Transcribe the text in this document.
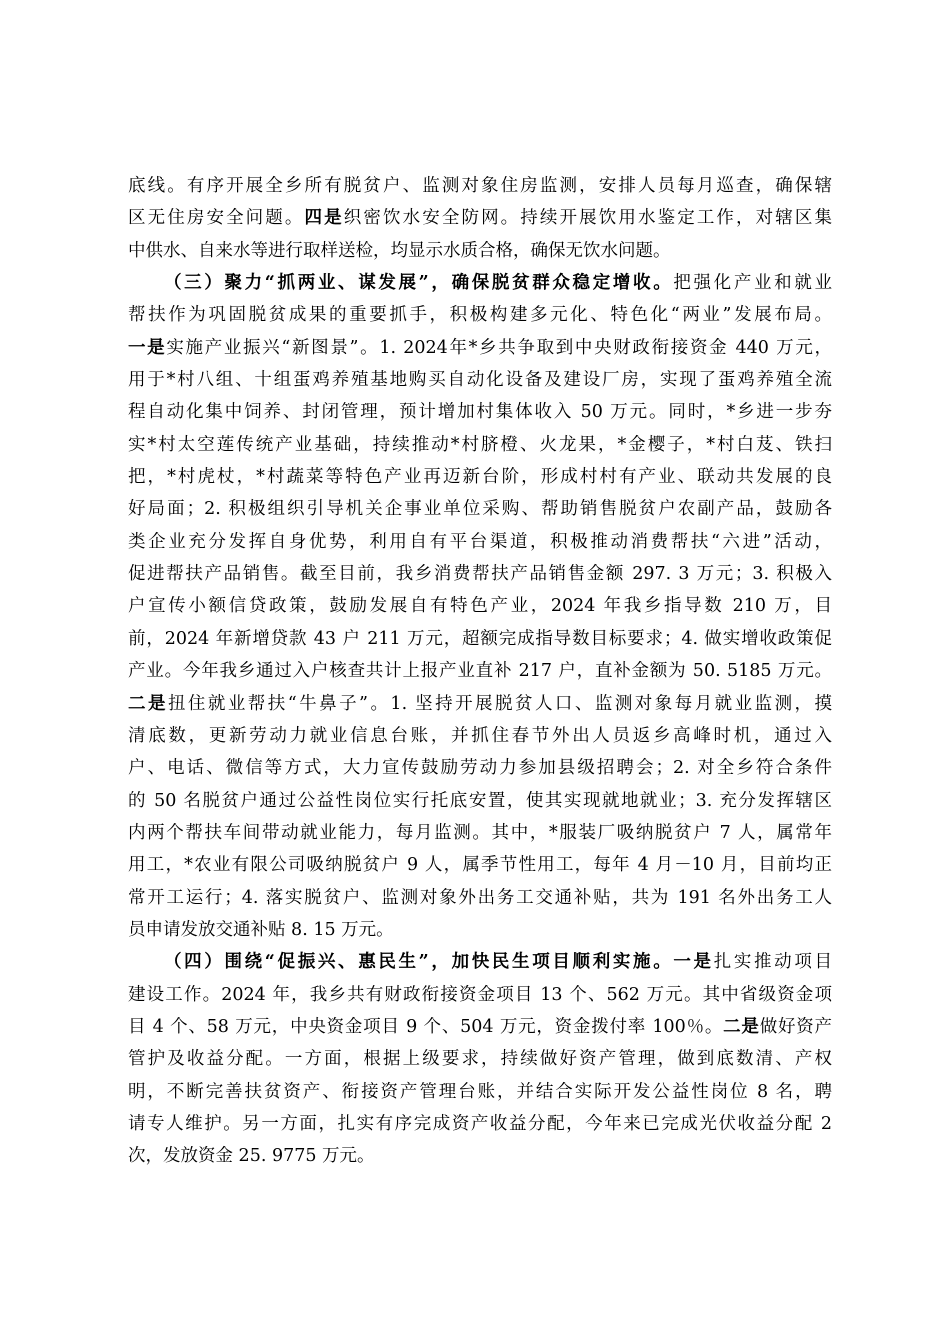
底线。有序开展全乡所有脱贫户、监测对象住房监测，安排人员每月巡查，确保辖
区无住房安全问题。四是织密饮水安全防网。持续开展饮用水鉴定工作，对辖区集
中供水、自来水等进行取样送检，均显示水质合格，确保无饮水问题。
（三）聚力“抓两业、谋发展”，确保脱贫群众稳定增收。把强化产业和就业
帮扶作为巩固脱贫成果的重要抓手，积极构建多元化、特色化“两业”发展布局。
一是实施产业振兴“新图景”。1. 2024年*乡共争取到中央财政衔接资金 440 万元，
用于*村八组、十组蛋鸡养殖基地购买自动化设备及建设厂房，实现了蛋鸡养殖全流
程自动化集中饲养、封闭管理，预计增加村集体收入 50 万元。同时，*乡进一步夯
实*村太空莲传统产业基础，持续推动*村脐橙、火龙果，*金樱子，*村白芨、铁扫
把，*村虎杖，*村蔬菜等特色产业再迈新台阶，形成村村有产业、联动共发展的良
好局面；2. 积极组织引导机关企事业单位采购、帮助销售脱贫户农副产品，鼓励各
类企业充分发挥自身优势，利用自有平台渠道，积极推动消费帮扶“六进”活动，
促进帮扶产品销售。截至目前，我乡消费帮扶产品销售金额 297. 3 万元；3. 积极入
户宣传小额信贷政策，鼓励发展自有特色产业，2024 年我乡指导数 210 万，目
前，2024 年新增贷款 43 户 211 万元，超额完成指导数目标要求；4. 做实增收政策促
产业。今年我乡通过入户核查共计上报产业直补 217 户，直补金额为 50. 5185 万元。
二是扭住就业帮扶“牛鼻子”。1. 坚持开展脱贫人口、监测对象每月就业监测，摸
清底数，更新劳动力就业信息台账，并抓住春节外出人员返乡高峰时机，通过入
户、电话、微信等方式，大力宣传鼓励劳动力参加县级招聘会；2. 对全乡符合条件
的 50 名脱贫户通过公益性岗位实行托底安置，使其实现就地就业；3. 充分发挥辖区
内两个帮扶车间带动就业能力，每月监测。其中，*服装厂吸纳脱贫户 7 人，属常年
用工，*农业有限公司吸纳脱贫户 9 人，属季节性用工，每年 4 月－10 月，目前均正
常开工运行；4. 落实脱贫户、监测对象外出务工交通补贴，共为 191 名外出务工人
员申请发放交通补贴 8. 15 万元。
（四）围绕“促振兴、惠民生”，加快民生项目顺利实施。一是扎实推动项目
建设工作。2024 年，我乡共有财政衔接资金项目 13 个、562 万元。其中省级资金项
目 4 个、58 万元，中央资金项目 9 个、504 万元，资金拨付率 100％。二是做好资产
管护及收益分配。一方面，根据上级要求，持续做好资产管理，做到底数清、产权
明，不断完善扶贫资产、衔接资产管理台账，并结合实际开发公益性岗位 8 名，聘
请专人维护。另一方面，扎实有序完成资产收益分配，今年来已完成光伏收益分配 2
次，发放资金 25. 9775 万元。
